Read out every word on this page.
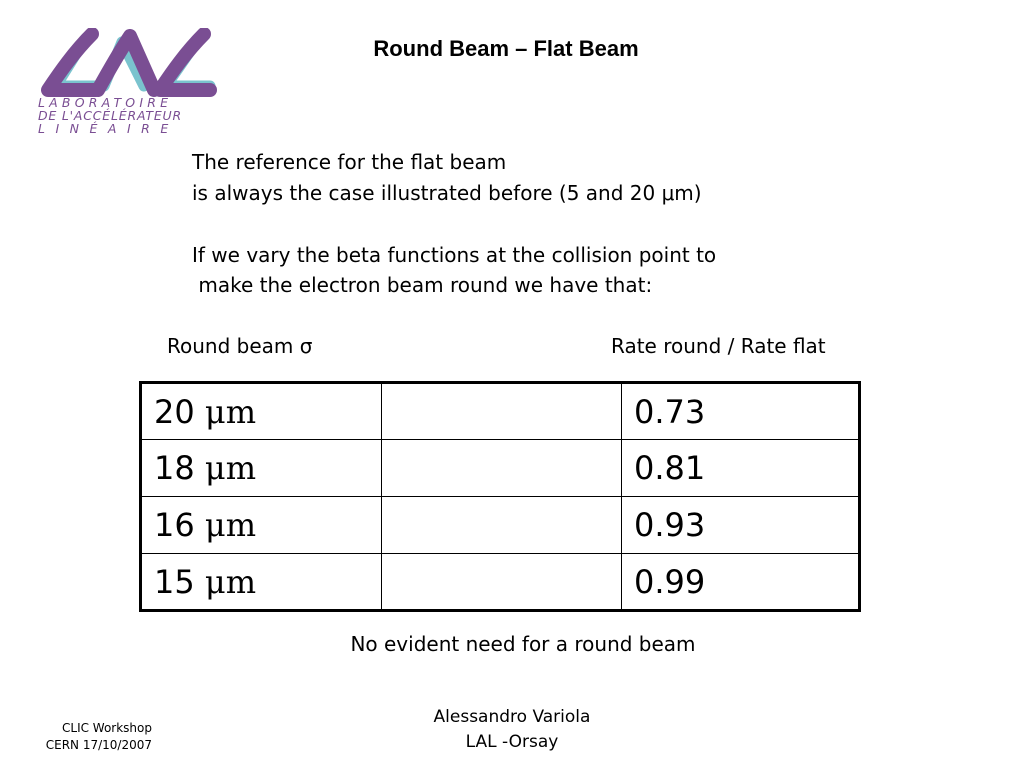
LABORATOIRE
DE L'ACCÉLÉRATEUR
LINÉAIRE
Round Beam – Flat Beam
The reference for the flat beam
is always the case illustrated before (5 and 20 μm)
If we vary the beta functions at the collision point to
make the electron beam round we have that:
Round beam σ	Rate round / Rate flat
20 μm		0.73
18 μm		0.81
16 μm		0.93
15 μm		0.99
No evident need for a round beam
CLIC Workshop
CERN 17/10/2007
Alessandro Variola
LAL -Orsay
